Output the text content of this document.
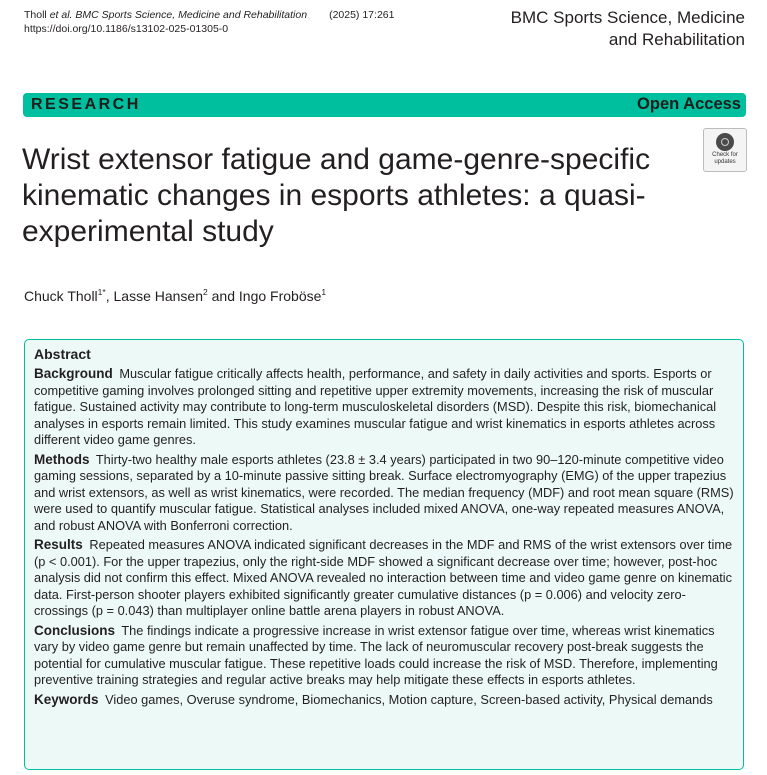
Tholl et al. BMC Sports Science, Medicine and Rehabilitation (2025) 17:261
https://doi.org/10.1186/s13102-025-01305-0
BMC Sports Science, Medicine
and Rehabilitation
RESEARCH	Open Access
Check for
updates
Wrist extensor fatigue and game-genre-specific kinematic changes in esports athletes: a quasi-experimental study
Chuck Tholl$^{1*}$, Lasse Hansen$^2$ and Ingo Froböse$^1$
Abstract

Background Muscular fatigue critically affects health, performance, and safety in daily activities and sports. Esports or competitive gaming involves prolonged sitting and repetitive upper extremity movements, increasing the risk of muscular fatigue. Sustained activity may contribute to long-term musculoskeletal disorders (MSD). Despite this risk, biomechanical analyses in esports remain limited. This study examines muscular fatigue and wrist kinematics in esports athletes across different video game genres.

Methods Thirty-two healthy male esports athletes (23.8 ± 3.4 years) participated in two 90–120-minute competitive video gaming sessions, separated by a 10-minute passive sitting break. Surface electromyography (EMG) of the upper trapezius and wrist extensors, as well as wrist kinematics, were recorded. The median frequency (MDF) and root mean square (RMS) were used to quantify muscular fatigue. Statistical analyses included mixed ANOVA, one-way repeated measures ANOVA, and robust ANOVA with Bonferroni correction.

Results Repeated measures ANOVA indicated significant decreases in the MDF and RMS of the wrist extensors over time (p < 0.001). For the upper trapezius, only the right-side MDF showed a significant decrease over time; however, post-hoc analysis did not confirm this effect. Mixed ANOVA revealed no interaction between time and video game genre on kinematic data. First-person shooter players exhibited significantly greater cumulative distances (p = 0.006) and velocity zero-crossings (p = 0.043) than multiplayer online battle arena players in robust ANOVA.

Conclusions The findings indicate a progressive increase in wrist extensor fatigue over time, whereas wrist kinematics vary by video game genre but remain unaffected by time. The lack of neuromuscular recovery post-break suggests the potential for cumulative muscular fatigue. These repetitive loads could increase the risk of MSD. Therefore, implementing preventive training strategies and regular active breaks may help mitigate these effects in esports athletes.

Keywords Video games, Overuse syndrome, Biomechanics, Motion capture, Screen-based activity, Physical demands
